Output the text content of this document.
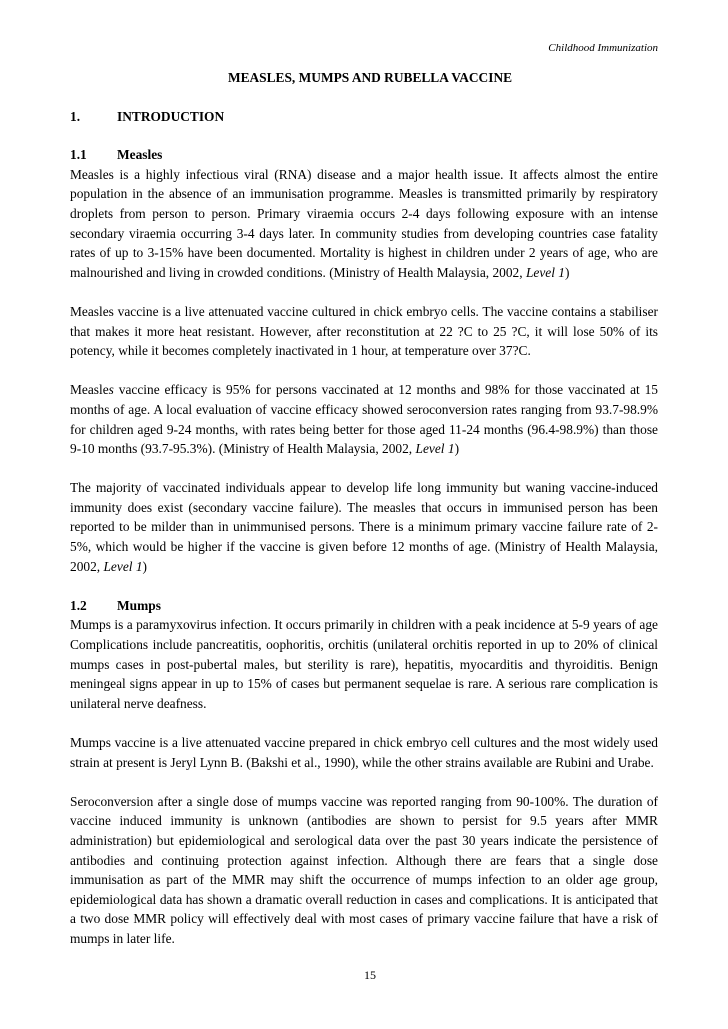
Childhood Immunization
MEASLES, MUMPS AND RUBELLA VACCINE
1.	INTRODUCTION
1.1 Measles

Measles is a highly infectious viral (RNA) disease and a major health issue. It affects almost the entire population in the absence of an immunisation programme. Measles is transmitted primarily by respiratory droplets from person to person. Primary viraemia occurs 2-4 days following exposure with an intense secondary viraemia occurring 3-4 days later. In community studies from developing countries case fatality rates of up to 3-15% have been documented. Mortality is highest in children under 2 years of age, who are malnourished and living in crowded conditions. (Ministry of Health Malaysia, 2002, Level 1)

Measles vaccine is a live attenuated vaccine cultured in chick embryo cells. The vaccine contains a stabiliser that makes it more heat resistant. However, after reconstitution at 22 ?C to 25 ?C, it will lose 50% of its potency, while it becomes completely inactivated in 1 hour, at temperature over 37?C.

Measles vaccine efficacy is 95% for persons vaccinated at 12 months and 98% for those vaccinated at 15 months of age. A local evaluation of vaccine efficacy showed seroconversion rates ranging from 93.7-98.9% for children aged 9-24 months, with rates being better for those aged 11-24 months (96.4-98.9%) than those 9-10 months (93.7-95.3%). (Ministry of Health Malaysia, 2002, Level 1)

The majority of vaccinated individuals appear to develop life long immunity but waning vaccine-induced immunity does exist (secondary vaccine failure). The measles that occurs in immunised person has been reported to be milder than in unimmunised persons. There is a minimum primary vaccine failure rate of 2-5%, which would be higher if the vaccine is given before 12 months of age. (Ministry of Health Malaysia, 2002, Level 1)

1.2 Mumps

Mumps is a paramyxovirus infection. It occurs primarily in children with a peak incidence at 5-9 years of age Complications include pancreatitis, oophoritis, orchitis (unilateral orchitis reported in up to 20% of clinical mumps cases in post-pubertal males, but sterility is rare), hepatitis, myocarditis and thyroiditis. Benign meningeal signs appear in up to 15% of cases but permanent sequelae is rare. A serious rare complication is unilateral nerve deafness.

Mumps vaccine is a live attenuated vaccine prepared in chick embryo cell cultures and the most widely used strain at present is Jeryl Lynn B. (Bakshi et al., 1990), while the other strains available are Rubini and Urabe.

Seroconversion after a single dose of mumps vaccine was reported ranging from 90-100%. The duration of vaccine induced immunity is unknown (antibodies are shown to persist for 9.5 years after MMR administration) but epidemiological and serological data over the past 30 years indicate the persistence of antibodies and continuing protection against infection. Although there are fears that a single dose immunisation as part of the MMR may shift the occurrence of mumps infection to an older age group, epidemiological data has shown a dramatic overall reduction in cases and complications. It is anticipated that a two dose MMR policy will effectively deal with most cases of primary vaccine failure that have a risk of mumps in later life.

15
